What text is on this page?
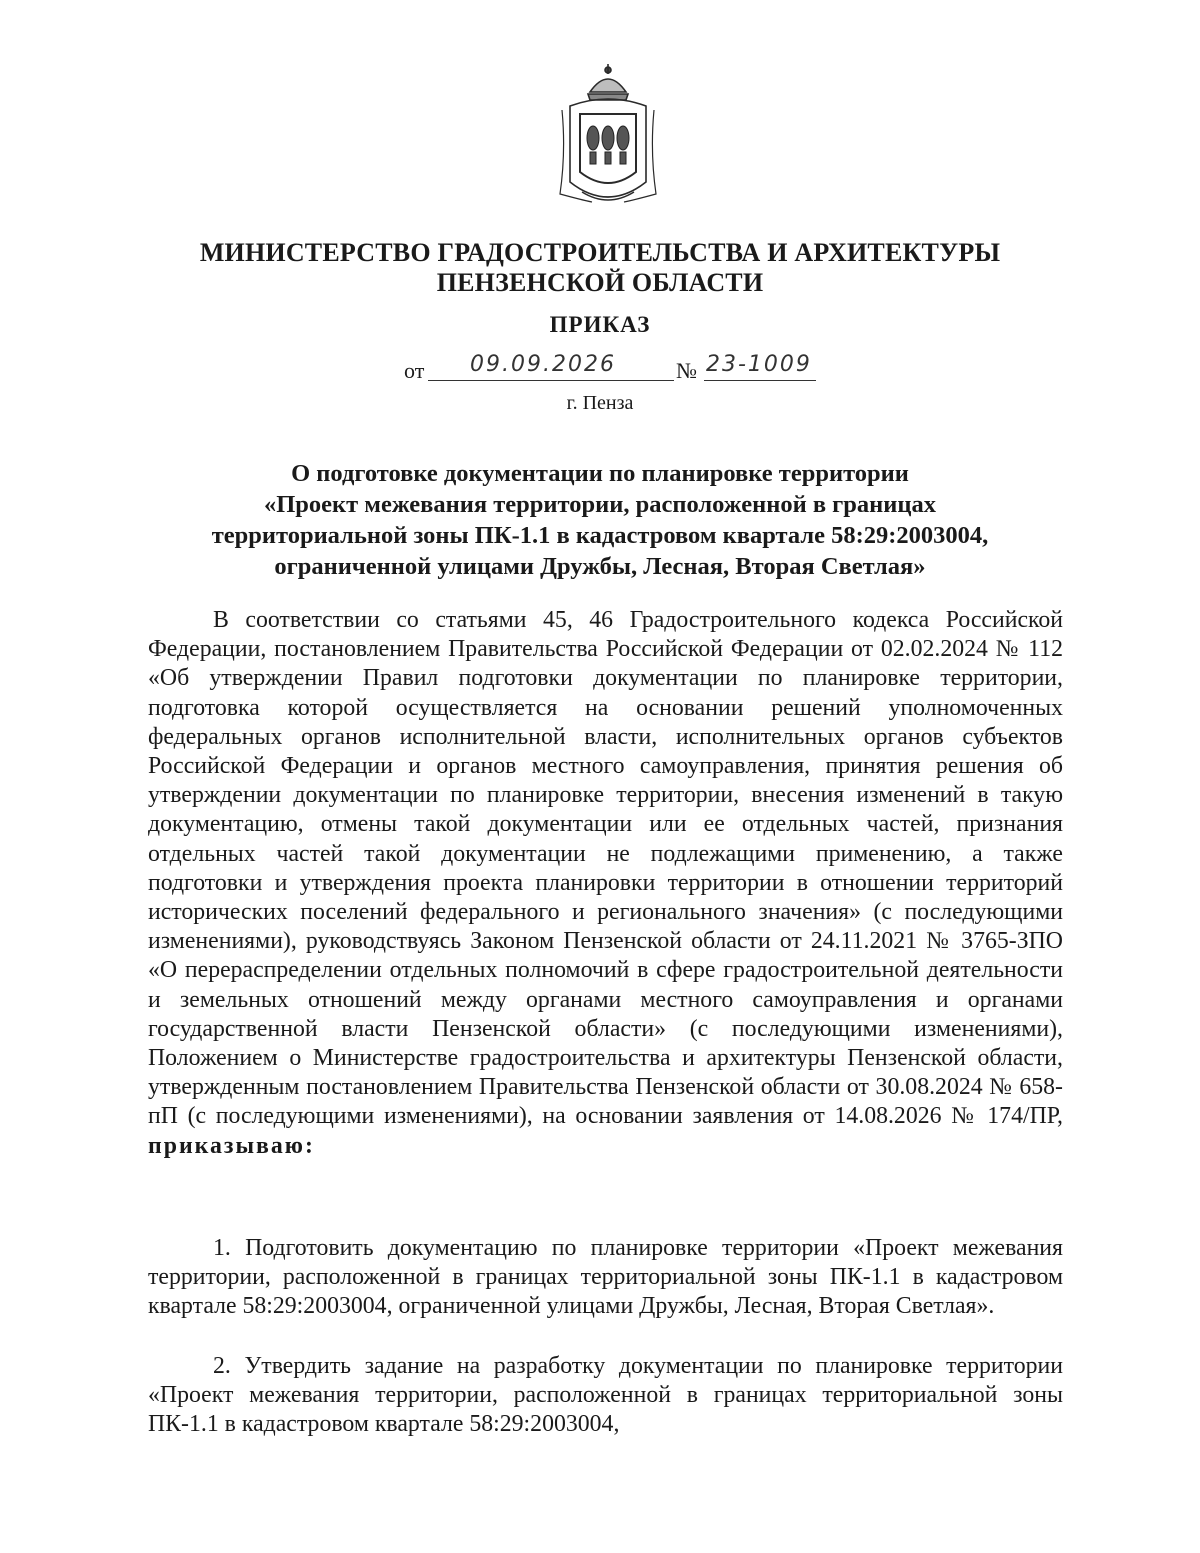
МИНИСТЕРСТВО ГРАДОСТРОИТЕЛЬСТВА И АРХИТЕКТУРЫ
ПЕНЗЕНСКОЙ ОБЛАСТИ
ПРИКАЗ
от 09.09.2026	№ 23-1009
г. Пенза
О подготовке документации по планировке территории
«Проект межевания территории, расположенной в границах
территориальной зоны ПК-1.1 в кадастровом квартале 58:29:2003004,
ограниченной улицами Дружбы, Лесная, Вторая Светлая»
В соответствии со статьями 45, 46 Градостроительного кодекса Российской Федерации, постановлением Правительства Российской Федерации от 02.02.2024 № 112 «Об утверждении Правил подготовки документации по планировке территории, подготовка которой осуществляется на основании решений уполномоченных федеральных органов исполнительной власти, исполнительных органов субъектов Российской Федерации и органов местного самоуправления, принятия решения об утверждении документации по планировке территории, внесения изменений в такую документацию, отмены такой документации или ее отдельных частей, признания отдельных частей такой документации не подлежащими применению, а также подготовки и утверждения проекта планировки территории в отношении территорий исторических поселений федерального и регионального значения» (с последующими изменениями), руководствуясь Законом Пензенской области от 24.11.2021 № 3765-ЗПО «О перераспределении отдельных полномочий в сфере градостроительной деятельности и земельных отношений между органами местного самоуправления и органами государственной власти Пензенской области» (с последующими изменениями), Положением о Министерстве градостроительства и архитектуры Пензенской области, утвержденным постановлением Правительства Пензенской области от 30.08.2024 № 658-пП (с последующими изменениями), на основании заявления от 14.08.2026 № 174/ПР, приказываю:
1. Подготовить документацию по планировке территории «Проект межевания территории, расположенной в границах территориальной зоны ПК-1.1 в кадастровом квартале 58:29:2003004, ограниченной улицами Дружбы, Лесная, Вторая Светлая».
2. Утвердить задание на разработку документации по планировке территории «Проект межевания территории, расположенной в границах территориальной зоны ПК-1.1 в кадастровом квартале 58:29:2003004,
